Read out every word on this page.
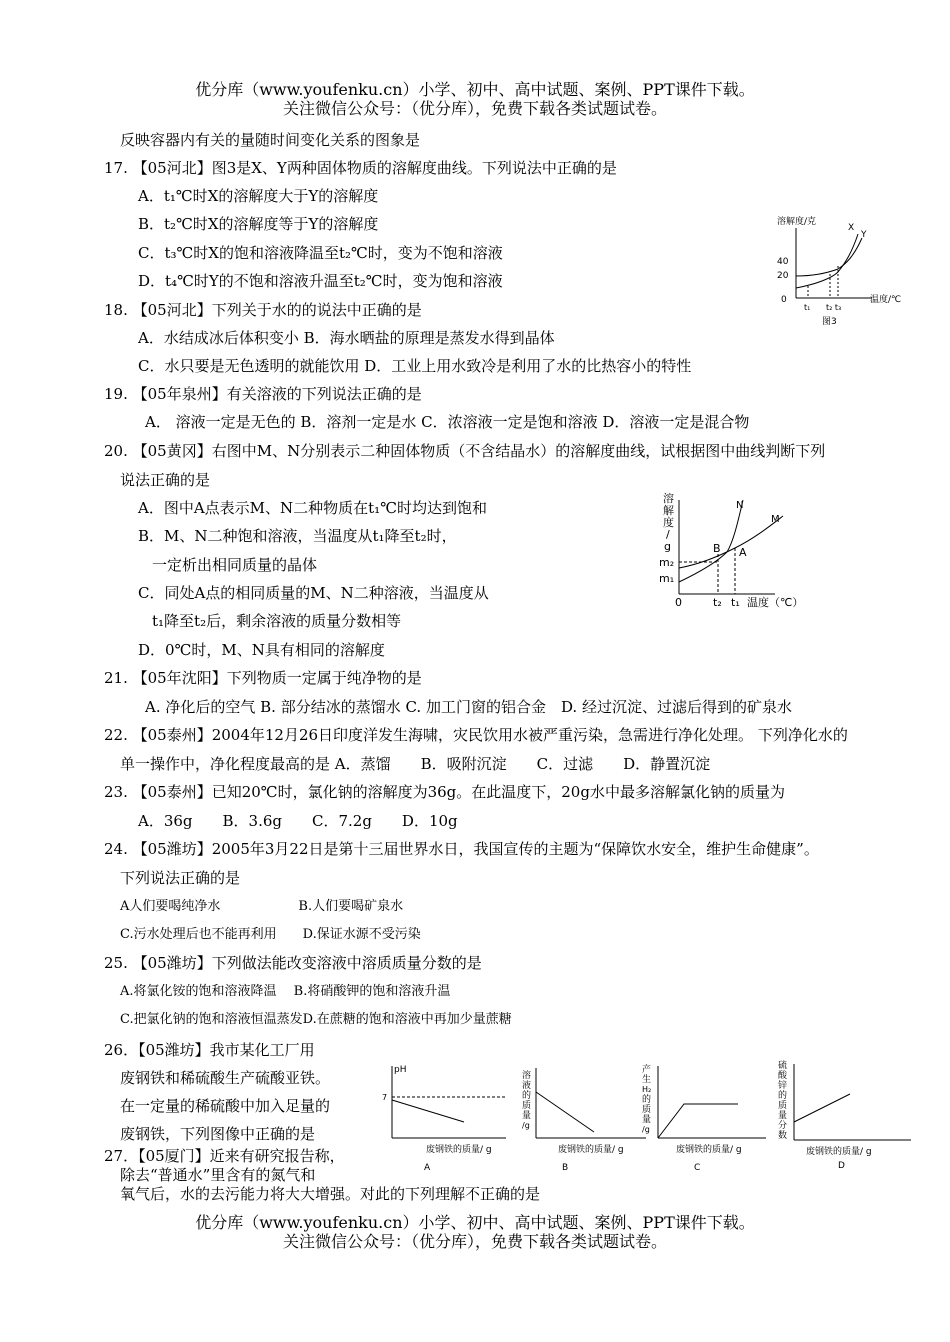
优分库（www.youfenku.cn）小学、初中、高中试题、案例、PPT课件下载。
关注微信公众号：（优分库），免费下载各类试题试卷。
反映容器内有关的量随时间变化关系的图象是
17. 【05河北】图3是X、Y两种固体物质的溶解度曲线。下列说法中正确的是
A．t₁℃时X的溶解度大于Y的溶解度
B．t₂℃时X的溶解度等于Y的溶解度
C．t₃℃时X的饱和溶液降温至t₂℃时，变为不饱和溶液
D．t₄℃时Y的不饱和溶液升温至t₂℃时，变为饱和溶液
溶解度/克
40
20
0
X
Y
t₁ t₂ t₃
温度/℃
图3
18. 【05河北】下列关于水的的说法中正确的是
A．水结成冰后体积变小 B．海水晒盐的原理是蒸发水得到晶体
C．水只要是无色透明的就能饮用 D．工业上用水致冷是利用了水的比热容小的特性
19. 【05年泉州】有关溶液的下列说法正确的是
A． 溶液一定是无色的 B．溶剂一定是水 C．浓溶液一定是饱和溶液 D．溶液一定是混合物
20. 【05黄冈】右图中M、N分别表示二种固体物质（不含结晶水）的溶解度曲线，试根据图中曲线判断下列
说法正确的是
A．图中A点表示M、N二种物质在t₁℃时均达到饱和
B．M、N二种饱和溶液，当温度从t₁降至t₂时，
一定析出相同质量的晶体
C．同处A点的相同质量的M、N二种溶液，当温度从
t₁降至t₂后，剩余溶液的质量分数相等
D．0℃时，M、N具有相同的溶解度
溶
解
度
/
g
m₂
m₁
0	t₂ t₁ 温度（℃）
N
M
B A
21. 【05年沈阳】下列物质一定属于纯净物的是
A. 净化后的空气 B. 部分结冰的蒸馏水 C. 加工门窗的铝合金　D. 经过沉淀、过滤后得到的矿泉水
22. 【05泰州】2004年12月26日印度洋发生海啸，灾民饮用水被严重污染，急需进行净化处理。 下列净化水的
单一操作中，净化程度最高的是 A．蒸馏　　B．吸附沉淀　　C．过滤　　D．静置沉淀
23. 【05泰州】已知20℃时，氯化钠的溶解度为36g。在此温度下，20g水中最多溶解氯化钠的质量为
A．36g　　B．3.6g　　C．7.2g　　D．10g
24. 【05潍坊】2005年3月22日是第十三届世界水日，我国宣传的主题为“保障饮水安全，维护生命健康”。
下列说法正确的是
A人们要喝纯净水　　　　　　B.人们要喝矿泉水
C.污水处理后也不能再利用　　D.保证水源不受污染
25. 【05潍坊】下列做法能改变溶液中溶质质量分数的是
A.将氯化铵的饱和溶液降温　 B.将硝酸钾的饱和溶液升温
C.把氯化钠的饱和溶液恒温蒸发D.在蔗糖的饱和溶液中再加少量蔗糖
26．【05潍坊】我市某化工厂用
废钢铁和稀硫酸生产硫酸亚铁。
在一定量的稀硫酸中加入足量的
废钢铁，下列图像中正确的是
27．【05厦门】近来有研究报告称，
除去“普通水”里含有的氮气和
氧气后，水的去污能力将大大增强。对此的下列理解不正确的是
pH
7
废钢铁的质量/ g
A
溶
液
的
质
量
/g
废钢铁的质量/ g
B
产
生
H₂
的
质
量
/g
废钢铁的质量/ g
C
硫
酸
锌
的
质
量
分
数
废钢铁的质量/ g
D
优分库（www.youfenku.cn）小学、初中、高中试题、案例、PPT课件下载。
关注微信公众号：（优分库），免费下载各类试题试卷。
